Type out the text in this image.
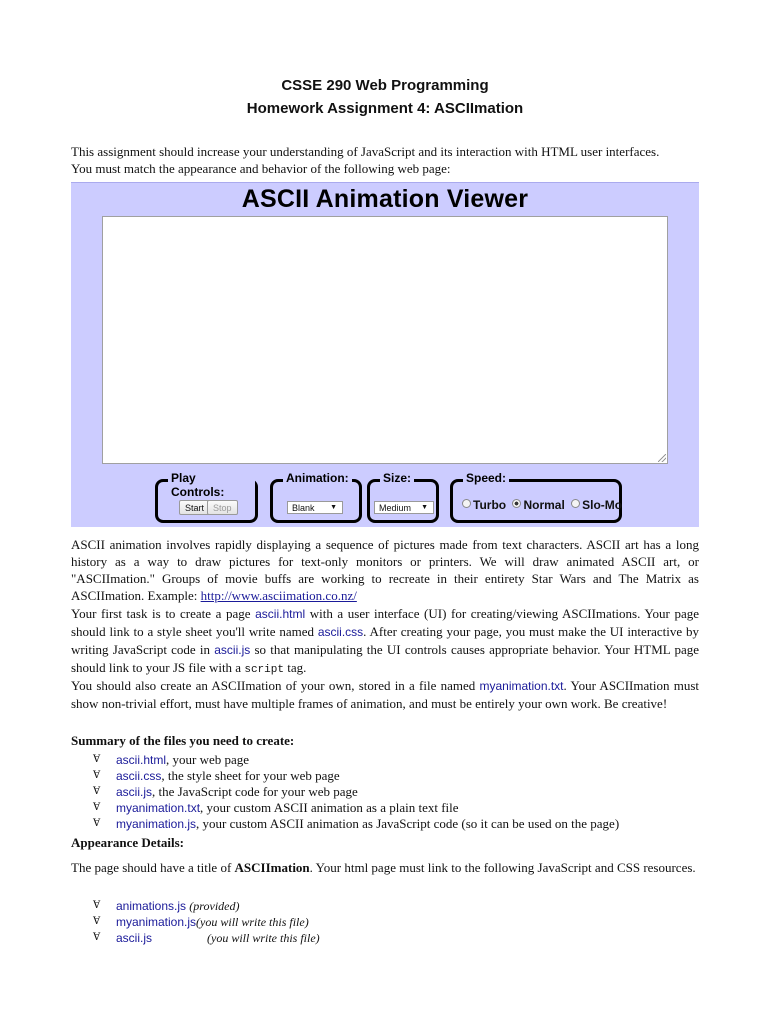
CSSE 290 Web Programming
Homework Assignment 4: ASCIImation

This assignment should increase your understanding of JavaScript and its interaction with HTML user interfaces.
You must match the appearance and behavior of the following web page:

ASCII Animation Viewer
Play Controls:
Start Stop
Animation:
Blank ▼
Size:
Medium ▼
Speed:
Turbo Normal Slo-Mo

ASCII animation involves rapidly displaying a sequence of pictures made from text characters. ASCII art has a long history as a way to draw pictures for text-only monitors or printers. We will draw animated ASCII art, or "ASCIImation." Groups of movie buffs are working to recreate in their entirety Star Wars and The Matrix as ASCIImation. Example: http://www.asciimation.co.nz/

Your first task is to create a page ascii.html with a user interface (UI) for creating/viewing ASCIImations. Your page should link to a style sheet you'll write named ascii.css. After creating your page, you must make the UI interactive by writing JavaScript code in ascii.js so that manipulating the UI controls causes appropriate behavior. Your HTML page should link to your JS file with a script tag.

You should also create an ASCIImation of your own, stored in a file named myanimation.txt. Your ASCIImation must show non-trivial effort, must have multiple frames of animation, and must be entirely your own work. Be creative!

Summary of the files you need to create:
Ɐ ascii.html, your web page
Ɐ ascii.css, the style sheet for your web page
Ɐ ascii.js, the JavaScript code for your web page
Ɐ myanimation.txt, your custom ASCII animation as a plain text file
Ɐ myanimation.js, your custom ASCII animation as JavaScript code (so it can be used on the page)
Appearance Details:

The page should have a title of ASCIImation. Your html page must link to the following JavaScript and CSS resources.

Ɐ animations.js (provided)
Ɐ myanimation.js(you will write this file)
Ɐ ascii.js	(you will write this file)
